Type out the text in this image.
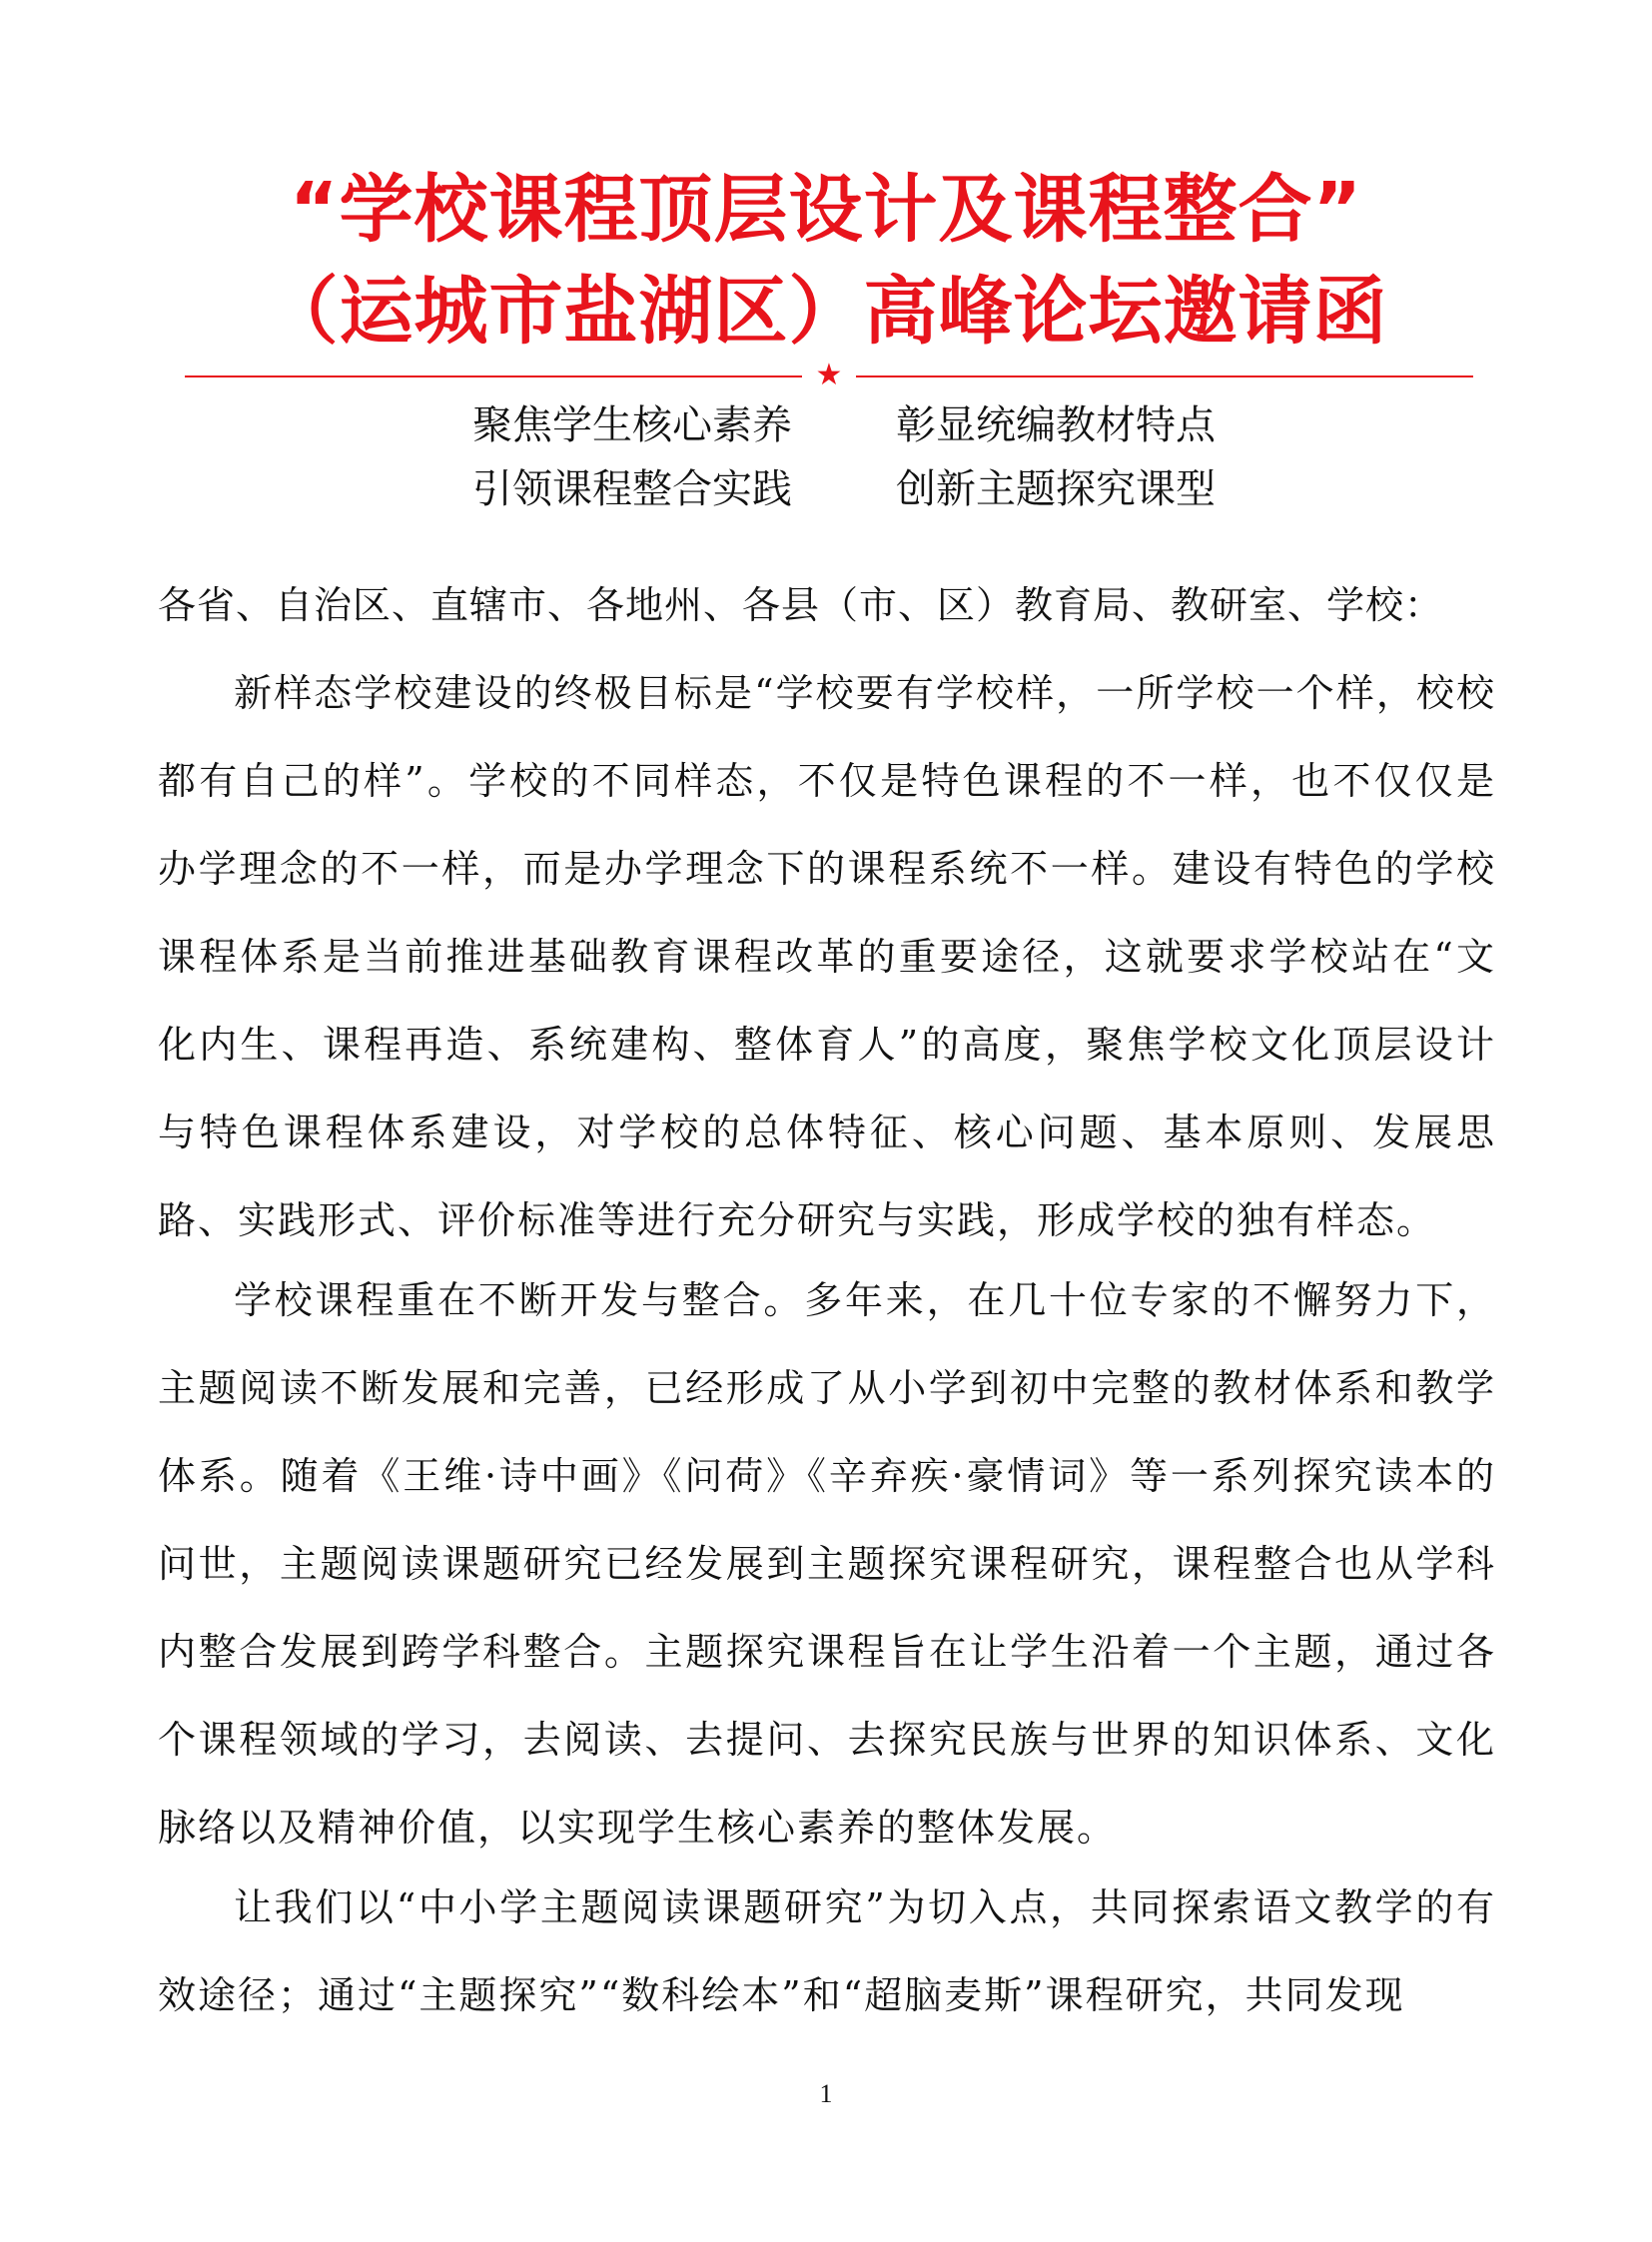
“学校课程顶层设计及课程整合”
（运城市盐湖区）高峰论坛邀请函
★
聚焦学生核心素养	彰显统编教材特点
引领课程整合实践	创新主题探究课型
各省、自治区、直辖市、各地州、各县（市、区）教育局、教研室、学校：
新样态学校建设的终极目标是“学校要有学校样，一所学校一个样，校校都有自己的样”。学校的不同样态，不仅是特色课程的不一样，也不仅仅是办学理念的不一样，而是办学理念下的课程系统不一样。建设有特色的学校课程体系是当前推进基础教育课程改革的重要途径，这就要求学校站在“文化内生、课程再造、系统建构、整体育人”的高度，聚焦学校文化顶层设计与特色课程体系建设，对学校的总体特征、核心问题、基本原则、发展思路、实践形式、评价标准等进行充分研究与实践，形成学校的独有样态。
学校课程重在不断开发与整合。多年来，在几十位专家的不懈努力下，主题阅读不断发展和完善，已经形成了从小学到初中完整的教材体系和教学体系。随着《王维·诗中画》《问荷》《辛弃疾·豪情词》等一系列探究读本的问世，主题阅读课题研究已经发展到主题探究课程研究，课程整合也从学科内整合发展到跨学科整合。主题探究课程旨在让学生沿着一个主题，通过各个课程领域的学习，去阅读、去提问、去探究民族与世界的知识体系、文化脉络以及精神价值，以实现学生核心素养的整体发展。
让我们以“中小学主题阅读课题研究”为切入点，共同探索语文教学的有效途径；通过“主题探究”“数科绘本”和“超脑麦斯”课程研究，共同发现
1
